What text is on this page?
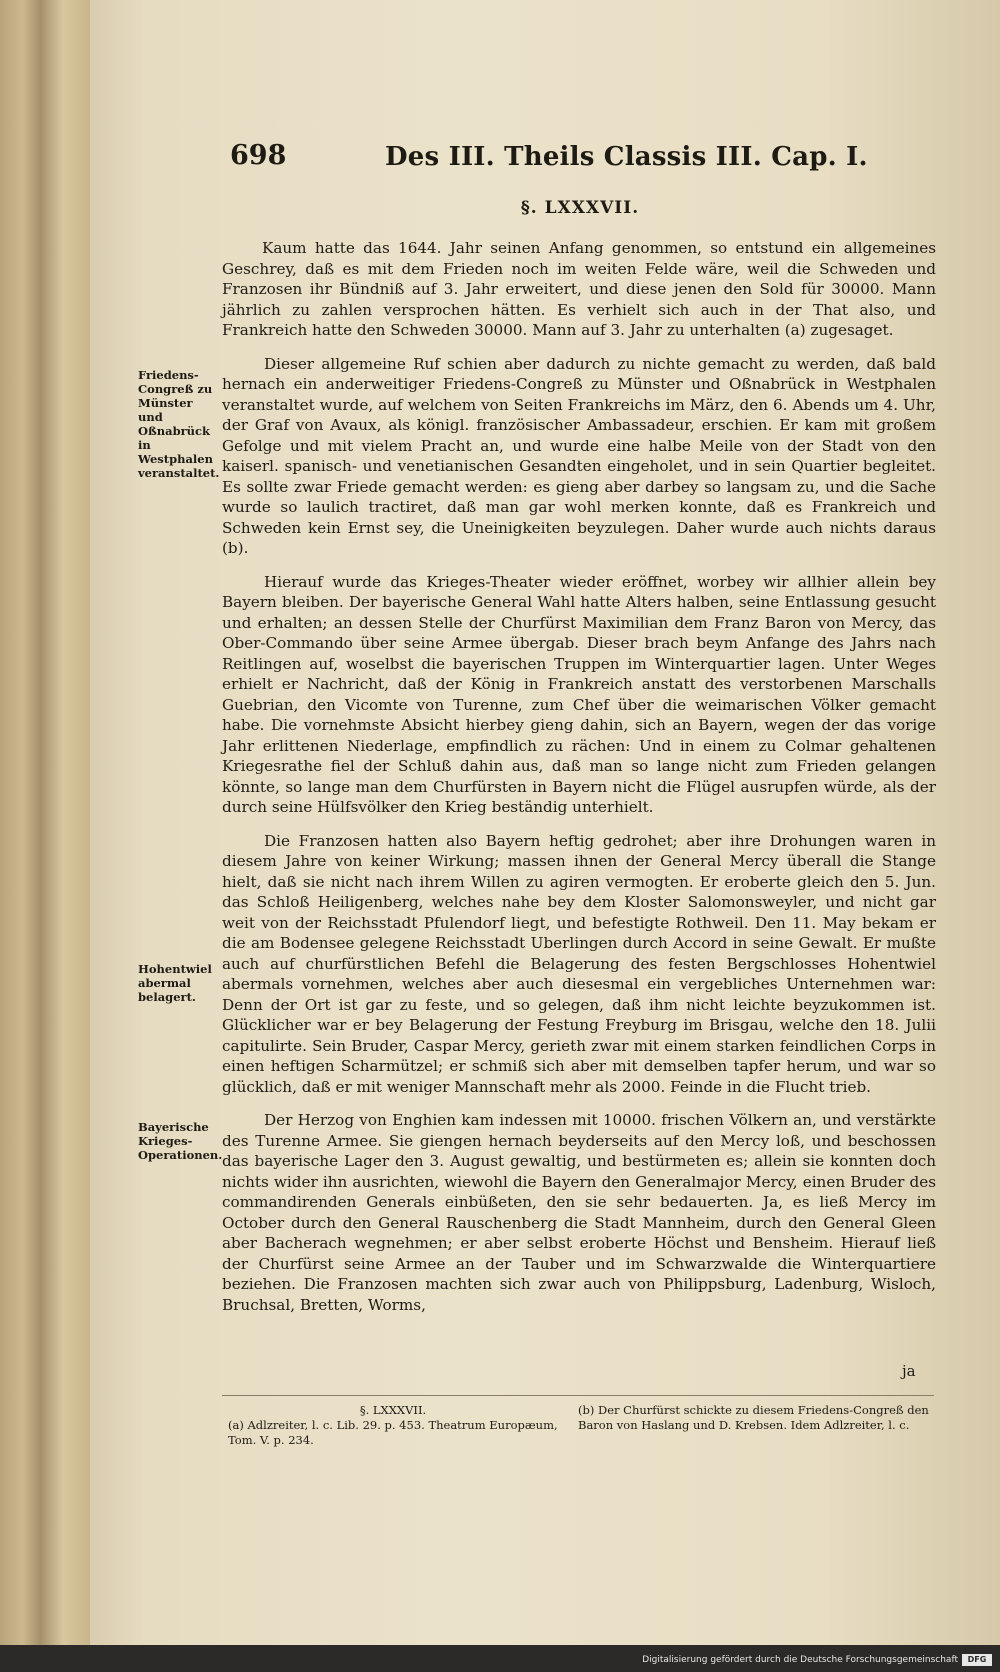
698	Des III. Theils Classis III. Cap. I.
§. LXXXVII.

Kaum hatte das 1644. Jahr seinen Anfang genommen, so entstund ein allgemeines Geschrey, daß es mit dem Frieden noch im weiten Felde wäre, weil die Schweden und Franzosen ihr Bündniß auf 3. Jahr erweitert, und diese jenen den Sold für 30000. Mann jährlich zu zahlen versprochen hätten. Es verhielt sich auch in der That also, und Frankreich hatte den Schweden 30000. Mann auf 3. Jahr zu unterhalten (a) zugesaget.

Dieser allgemeine Ruf schien aber dadurch zu nichte gemacht zu werden, daß bald hernach ein anderweitiger Friedens-Congreß zu Münster und Oßnabrück in Westphalen veranstaltet wurde, auf welchem von Seiten Frankreichs im März, den 6. Abends um 4. Uhr, der Graf von Avaux, als königl. französischer Ambassadeur, erschien. Er kam mit großem Gefolge und mit vielem Pracht an, und wurde eine halbe Meile von der Stadt von den kaiserl. spanisch- und venetianischen Gesandten eingeholet, und in sein Quartier begleitet. Es sollte zwar Friede gemacht werden: es gieng aber darbey so langsam zu, und die Sache wurde so laulich tractiret, daß man gar wohl merken konnte, daß es Frankreich und Schweden kein Ernst sey, die Uneinigkeiten beyzulegen. Daher wurde auch nichts daraus (b).

Hierauf wurde das Krieges-Theater wieder eröffnet, worbey wir allhier allein bey Bayern bleiben. Der bayerische General Wahl hatte Alters halben, seine Entlassung gesucht und erhalten; an dessen Stelle der Churfürst Maximilian dem Franz Baron von Mercy, das Ober-Commando über seine Armee übergab. Dieser brach beym Anfange des Jahrs nach Reitlingen auf, woselbst die bayerischen Truppen im Winterquartier lagen. Unter Weges erhielt er Nachricht, daß der König in Frankreich anstatt des verstorbenen Marschalls Guebrian, den Vicomte von Turenne, zum Chef über die weimarischen Völker gemacht habe. Die vornehmste Absicht hierbey gieng dahin, sich an Bayern, wegen der das vorige Jahr erlittenen Niederlage, empfindlich zu rächen: Und in einem zu Colmar gehaltenen Kriegesrathe fiel der Schluß dahin aus, daß man so lange nicht zum Frieden gelangen könnte, so lange man dem Churfürsten in Bayern nicht die Flügel ausrupfen würde, als der durch seine Hülfsvölker den Krieg beständig unterhielt.

Die Franzosen hatten also Bayern heftig gedrohet; aber ihre Drohungen waren in diesem Jahre von keiner Wirkung; massen ihnen der General Mercy überall die Stange hielt, daß sie nicht nach ihrem Willen zu agiren vermogten. Er eroberte gleich den 5. Jun. das Schloß Heiligenberg, welches nahe bey dem Kloster Salomonsweyler, und nicht gar weit von der Reichsstadt Pfulendorf liegt, und befestigte Rothweil. Den 11. May bekam er die am Bodensee gelegene Reichsstadt Uberlingen durch Accord in seine Gewalt. Er mußte auch auf churfürstlichen Befehl die Belagerung des festen Bergschlosses Hohentwiel abermals vornehmen, welches aber auch diesesmal ein vergebliches Unternehmen war: Denn der Ort ist gar zu feste, und so gelegen, daß ihm nicht leichte beyzukommen ist. Glücklicher war er bey Belagerung der Festung Freyburg im Brisgau, welche den 18. Julii capitulirte. Sein Bruder, Caspar Mercy, gerieth zwar mit einem starken feindlichen Corps in einen heftigen Scharmützel; er schmiß sich aber mit demselben tapfer herum, und war so glücklich, daß er mit weniger Mannschaft mehr als 2000. Feinde in die Flucht trieb.

Der Herzog von Enghien kam indessen mit 10000. frischen Völkern an, und verstärkte des Turenne Armee. Sie giengen hernach beyderseits auf den Mercy loß, und beschossen das bayerische Lager den 3. August gewaltig, und bestürmeten es; allein sie konnten doch nichts wider ihn ausrichten, wiewohl die Bayern den Generalmajor Mercy, einen Bruder des commandirenden Generals einbüßeten, den sie sehr bedauerten. Ja, es ließ Mercy im October durch den General Rauschenberg die Stadt Mannheim, durch den General Gleen aber Bacherach wegnehmen; er aber selbst eroberte Höchst und Bensheim. Hierauf ließ der Churfürst seine Armee an der Tauber und im Schwarzwalde die Winterquartiere beziehen. Die Franzosen machten sich zwar auch von Philippsburg, Ladenburg, Wisloch, Bruchsal, Bretten, Worms,

Friedens-Congreß zu Münster und Oßnabrück in Westphalen veranstaltet.
Hohentwiel abermal belagert.
Bayerische Krieges-Operationen.
ja
§. LXXXVII.
(a) Adlzreiter, l. c. Lib. 29. p. 453. Theatrum Europæum, Tom. V. p. 234.
(b) Der Churfürst schickte zu diesem Friedens-Congreß den Baron von Haslang und D. Krebsen. Idem Adlzreiter, l. c.
Digitalisierung gefördert durch die Deutsche Forschungsgemeinschaft	DFG
